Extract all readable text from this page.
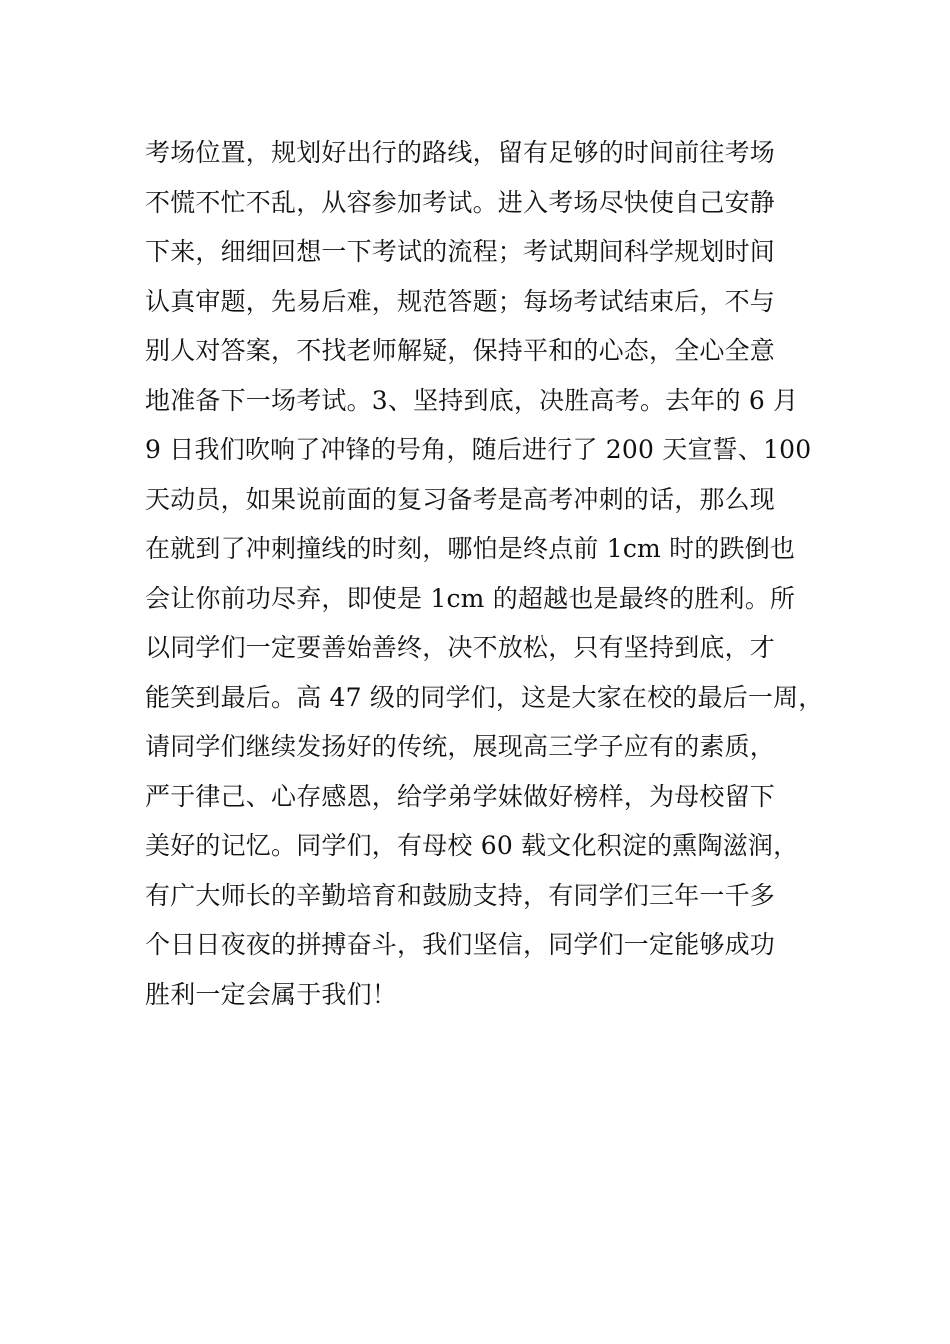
考场位置，规划好出行的路线，留有足够的时间前往考场
不慌不忙不乱，从容参加考试。进入考场尽快使自己安静
下来，细细回想一下考试的流程；考试期间科学规划时间
认真审题，先易后难，规范答题；每场考试结束后，不与
别人对答案，不找老师解疑，保持平和的心态，全心全意
地准备下一场考试。3、坚持到底，决胜高考。去年的 6 月
9 日我们吹响了冲锋的号角，随后进行了 200 天宣誓、100
天动员，如果说前面的复习备考是高考冲刺的话，那么现
在就到了冲刺撞线的时刻，哪怕是终点前 1cm 时的跌倒也
会让你前功尽弃，即使是 1cm 的超越也是最终的胜利。所
以同学们一定要善始善终，决不放松，只有坚持到底，才
能笑到最后。高 47 级的同学们，这是大家在校的最后一周，
请同学们继续发扬好的传统，展现高三学子应有的素质，
严于律己、心存感恩，给学弟学妹做好榜样，为母校留下
美好的记忆。同学们，有母校 60 载文化积淀的熏陶滋润，
有广大师长的辛勤培育和鼓励支持，有同学们三年一千多
个日日夜夜的拼搏奋斗，我们坚信，同学们一定能够成功
胜利一定会属于我们！
